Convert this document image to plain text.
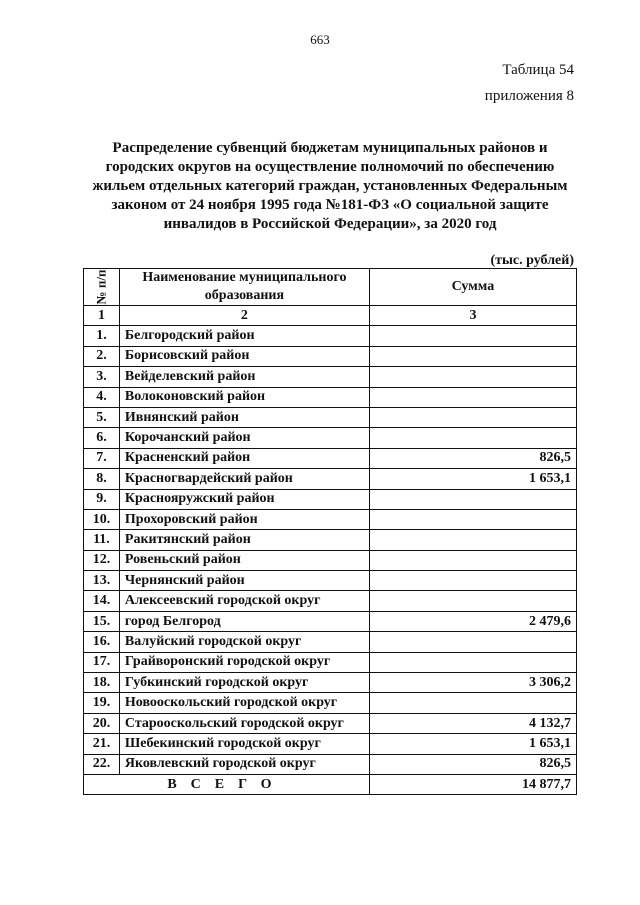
663
Таблица 54
приложения 8
Распределение субвенций бюджетам муниципальных районов и
городских округов на осуществление полномочий по обеспечению
жильем отдельных категорий граждан, установленных Федеральным
законом от 24 ноября 1995 года №181-ФЗ «О социальной защите
инвалидов в Российской Федерации», за 2020 год
(тыс. рублей)
№ п/п	Наименование муниципального
образования	Сумма
1	2	3
1.	Белгородский район	
2.	Борисовский район	
3.	Вейделевский район	
4.	Волоконовский район	
5.	Ивнянский район	
6.	Корочанский район	
7.	Красненский район	826,5
8.	Красногвардейский район	1 653,1
9.	Краснояружский район	
10.	Прохоровский район	
11.	Ракитянский район	
12.	Ровеньский район	
13.	Чернянский район	
14.	Алексеевский городской округ	
15.	город Белгород	2 479,6
16.	Валуйский городской округ	
17.	Грайворонский городской округ	
18.	Губкинский городской округ	3 306,2
19.	Новооскольский городской округ	
20.	Старооскольский городской округ	4 132,7
21.	Шебекинский городской округ	1 653,1
22.	Яковлевский городской округ	826,5
ВСЕГО		14 877,7
